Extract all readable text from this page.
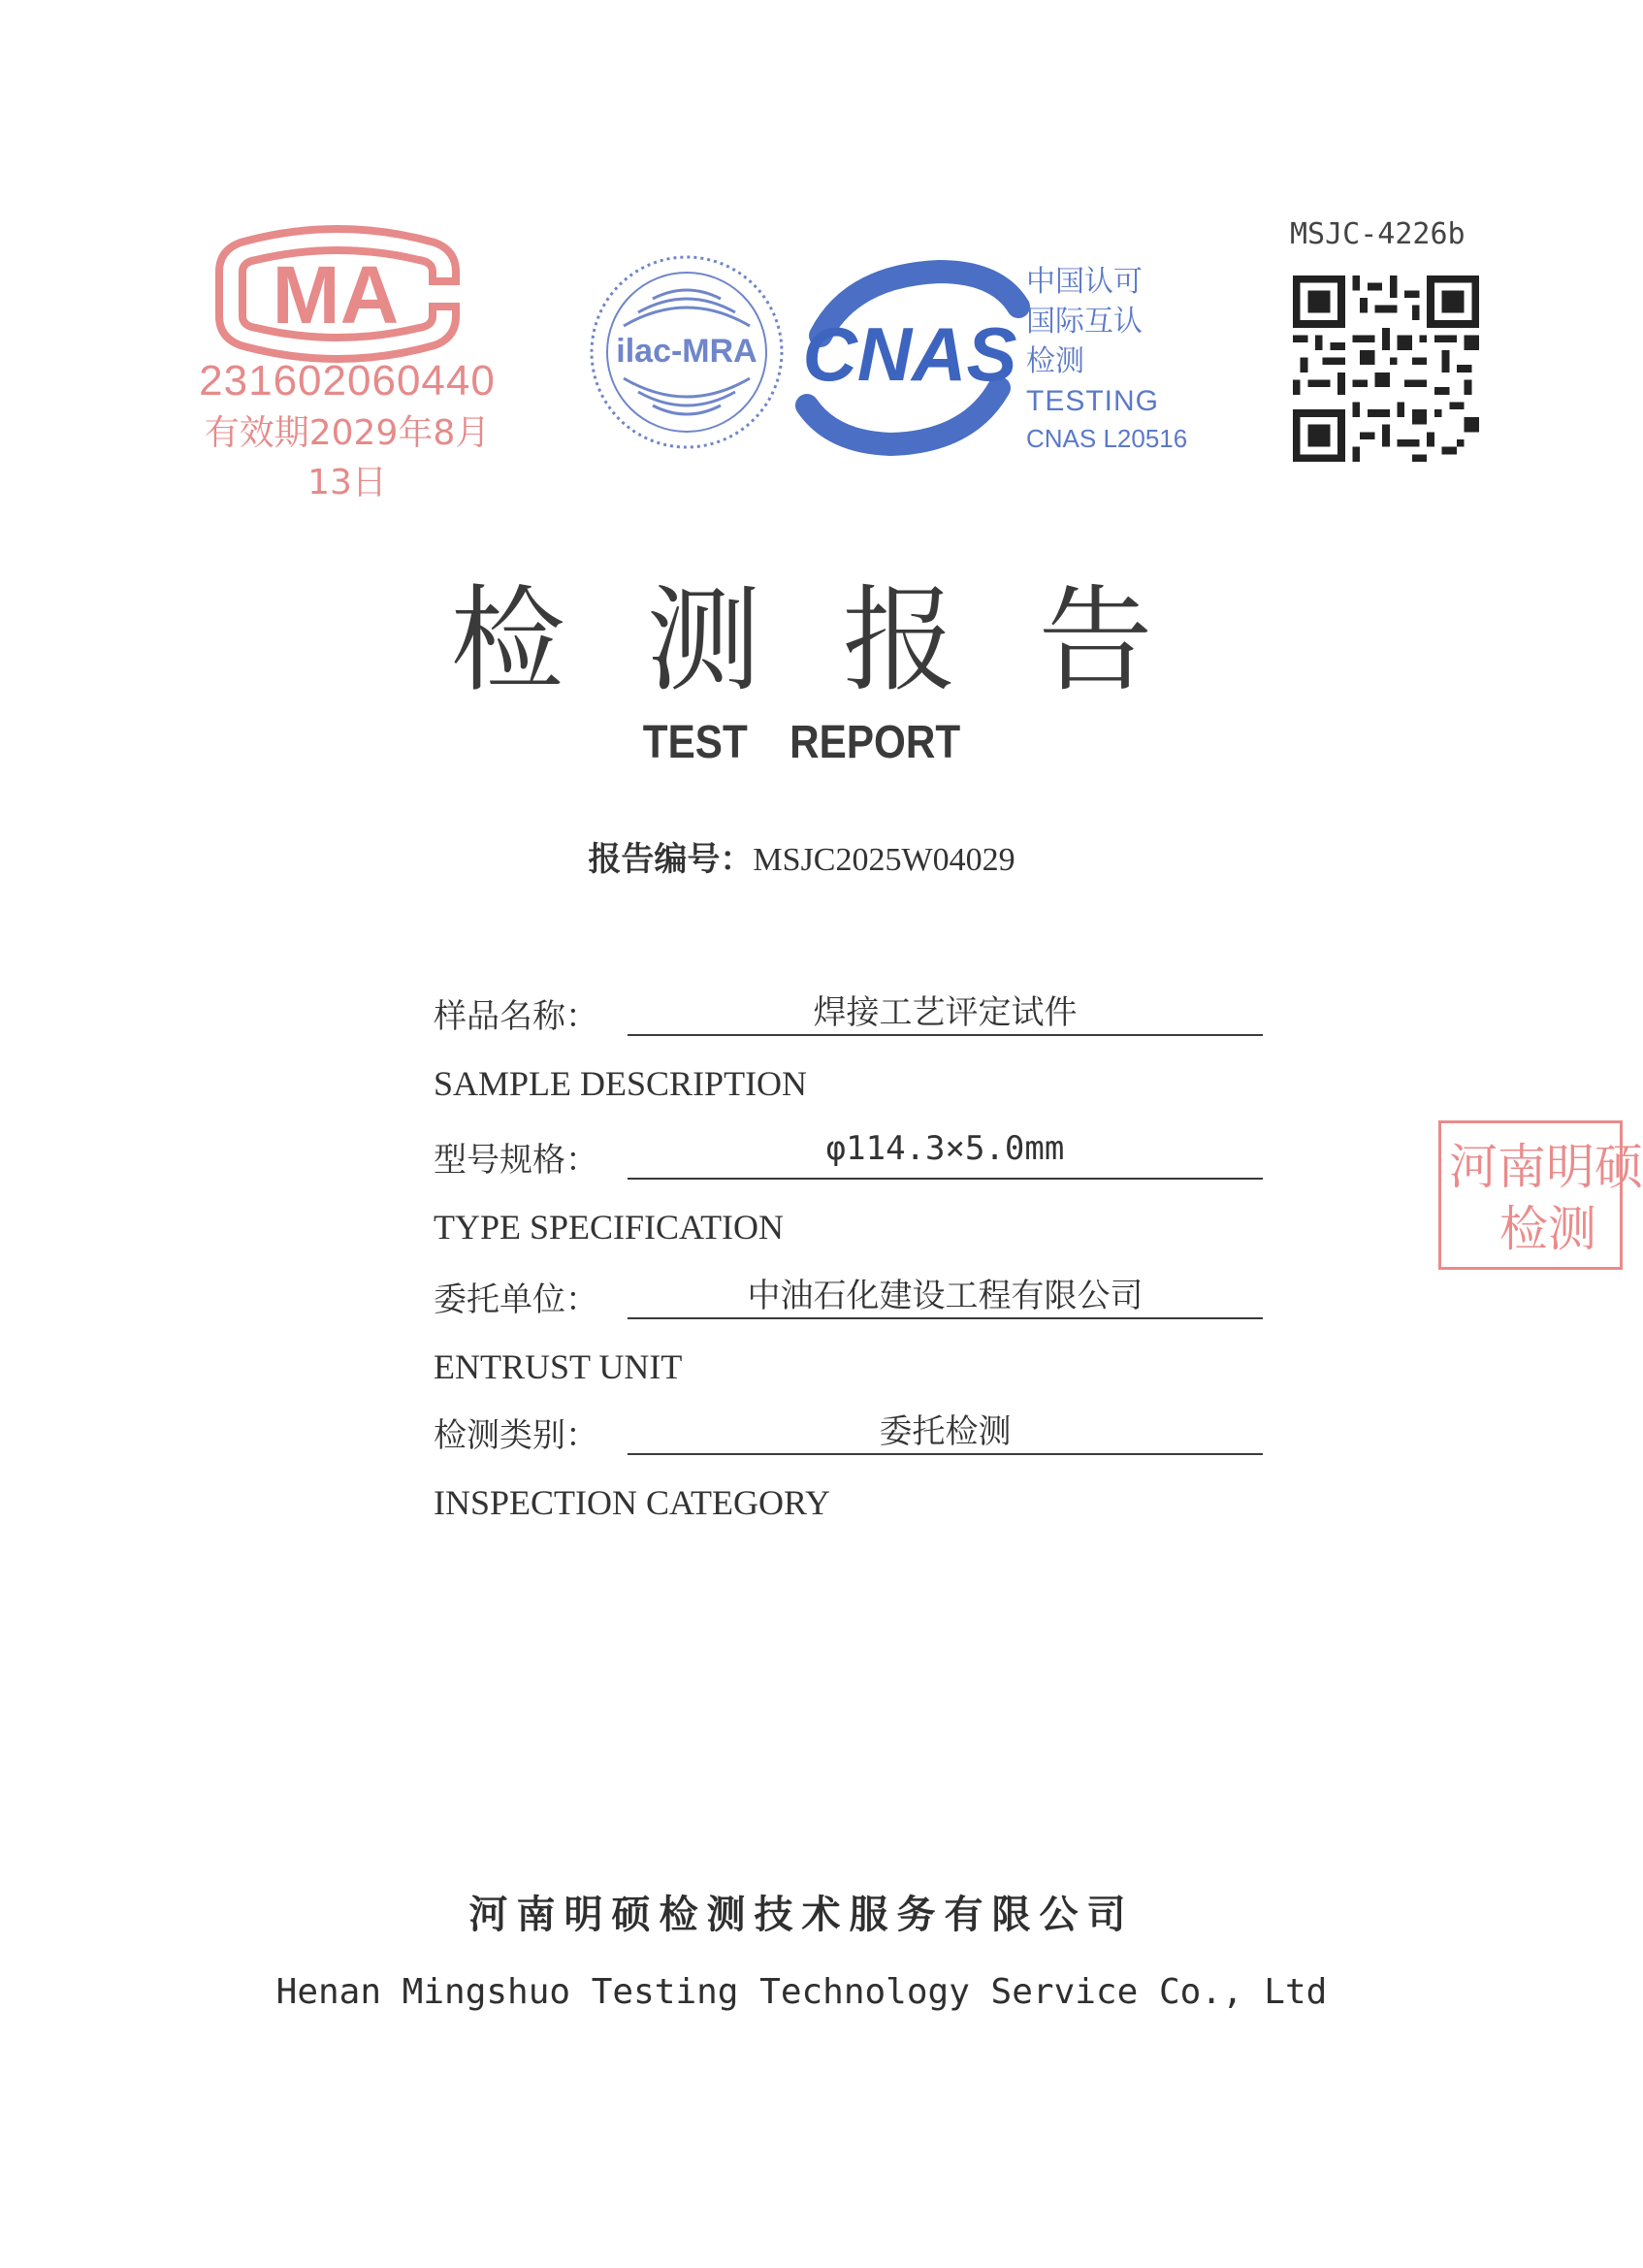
MA
231602060440
有效期2029年8月13日
ilac-MRA CNAS
中国认可
国际互认
检测
TESTING
CNAS L20516
MSJC-4226b
检测报告
TEST REPORT
报告编号：MSJC2025W04029
样品名称：	焊接工艺评定试件
SAMPLE DESCRIPTION
型号规格：	φ114.3×5.0mm
TYPE SPECIFICATION
委托单位：	中油石化建设工程有限公司
ENTRUST UNIT
检测类别：	委托检测
INSPECTION CATEGORY
河南明硕
检测
河南明硕检测技术服务有限公司
Henan Mingshuo Testing Technology Service Co., Ltd
